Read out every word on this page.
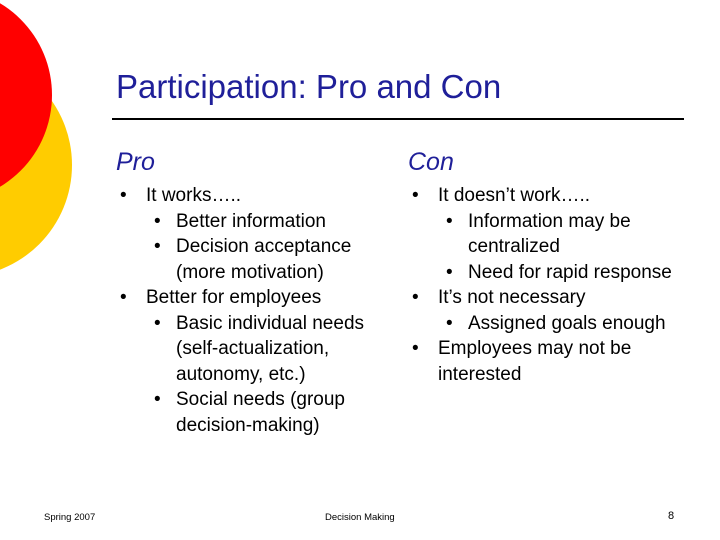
Participation: Pro and Con
Pro	Con
• It works…..
• Better information
• Decision acceptance (more motivation)
• Better for employees
• Basic individual needs (self-actualization, autonomy, etc.)
• Social needs (group decision-making)
• It doesn’t work…..
• Information may be centralized
• Need for rapid response
• It’s not necessary
• Assigned goals enough
• Employees may not be interested
Spring 2007	Decision Making	8
